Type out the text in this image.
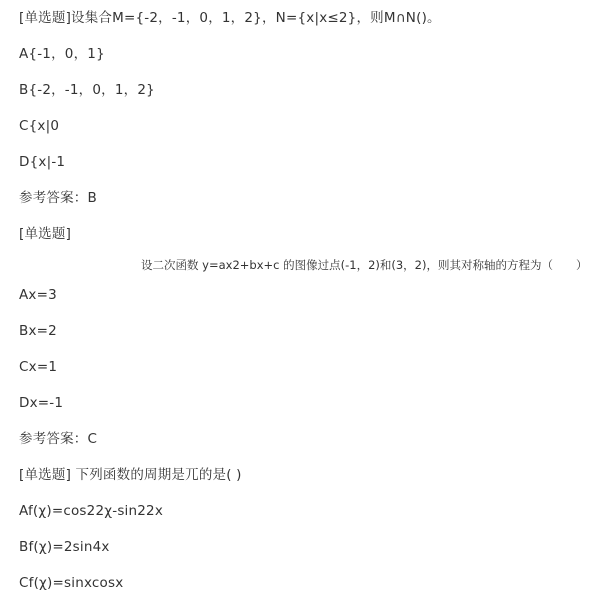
[单选题]设集合M={-2，-1，0，1，2}，N={x|x≤2}，则M∩N()。
A{-1，0，1}
B{-2，-1，0，1，2}
C{x|0
D{x|-1
参考答案：B
[单选题]
设二次函数 y=ax2+bx+c 的图像过点(-1，2)和(3，2)，则其对称轴的方程为（　　）
Ax=3
Bx=2
Cx=1
Dx=-1
参考答案：C
[单选题] 下列函数的周期是兀的是( )
Af(χ)=cos22χ-sin22x
Bf(χ)=2sin4x
Cf(χ)=sinxcosx
